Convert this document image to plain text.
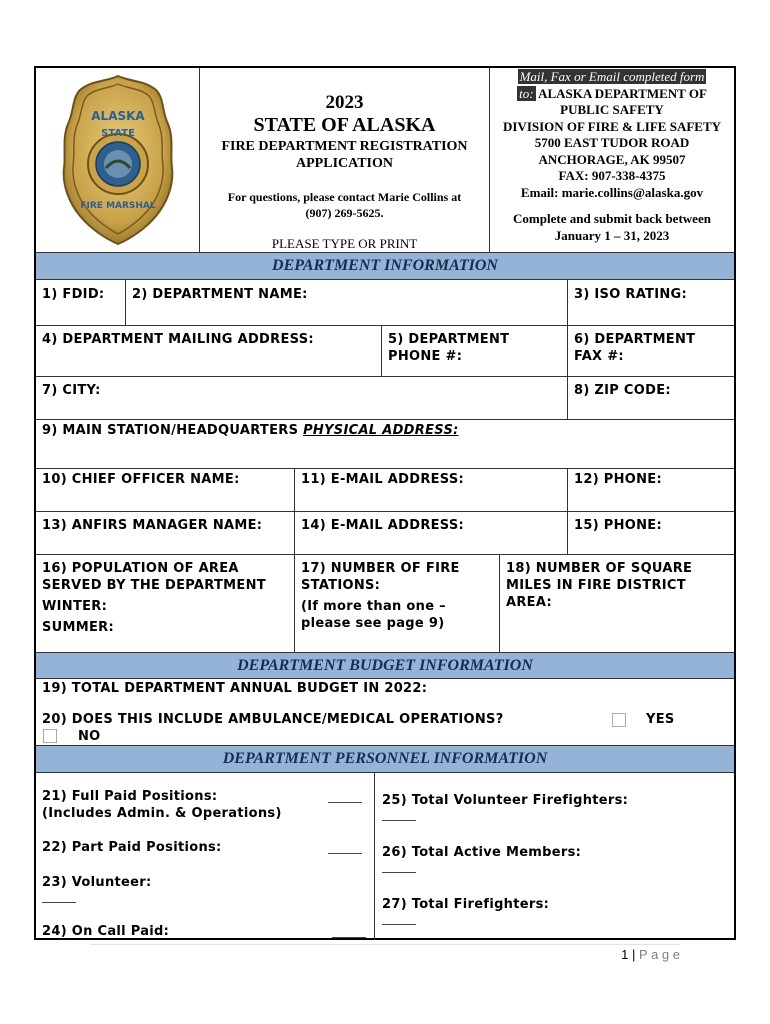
ALASKA
STATE
FIRE MARSHAL
2023
STATE OF ALASKA
FIRE DEPARTMENT REGISTRATION
APPLICATION
For questions, please contact Marie Collins at
(907) 269-5625.
PLEASE TYPE OR PRINT
Mail, Fax or Email completed form
to: ALASKA DEPARTMENT OF
PUBLIC SAFETY
DIVISION OF FIRE & LIFE SAFETY
5700 EAST TUDOR ROAD
ANCHORAGE, AK 99507
FAX: 907-338-4375
Email: marie.collins@alaska.gov
Complete and submit back between
January 1 – 31, 2023
DEPARTMENT INFORMATION
1) FDID:	2) DEPARTMENT NAME:	3) ISO RATING:
4) DEPARTMENT MAILING ADDRESS:	5) DEPARTMENT
PHONE #:
6) DEPARTMENT
FAX #:
7) CITY:	8) ZIP CODE:
9) MAIN STATION/HEADQUARTERS PHYSICAL ADDRESS:
10) CHIEF OFFICER NAME:	11) E-MAIL ADDRESS:	12) PHONE:
13) ANFIRS MANAGER NAME:	14) E-MAIL ADDRESS:	15) PHONE:
16) POPULATION OF AREA
SERVED BY THE DEPARTMENT
WINTER:
SUMMER:
17) NUMBER OF FIRE
STATIONS:
(If more than one –
please see page 9)
18) NUMBER OF SQUARE
MILES IN FIRE DISTRICT
AREA:
DEPARTMENT BUDGET INFORMATION
19) TOTAL DEPARTMENT ANNUAL BUDGET IN 2022:
20) DOES THIS INCLUDE AMBULANCE/MEDICAL OPERATIONS?	YES
NO
DEPARTMENT PERSONNEL INFORMATION
21) Full Paid Positions:
(Includes Admin. & Operations)
22) Part Paid Positions:
23) Volunteer:
24) On Call Paid:
25) Total Volunteer Firefighters:
26) Total Active Members:
27) Total Firefighters:
1 | P a g e
